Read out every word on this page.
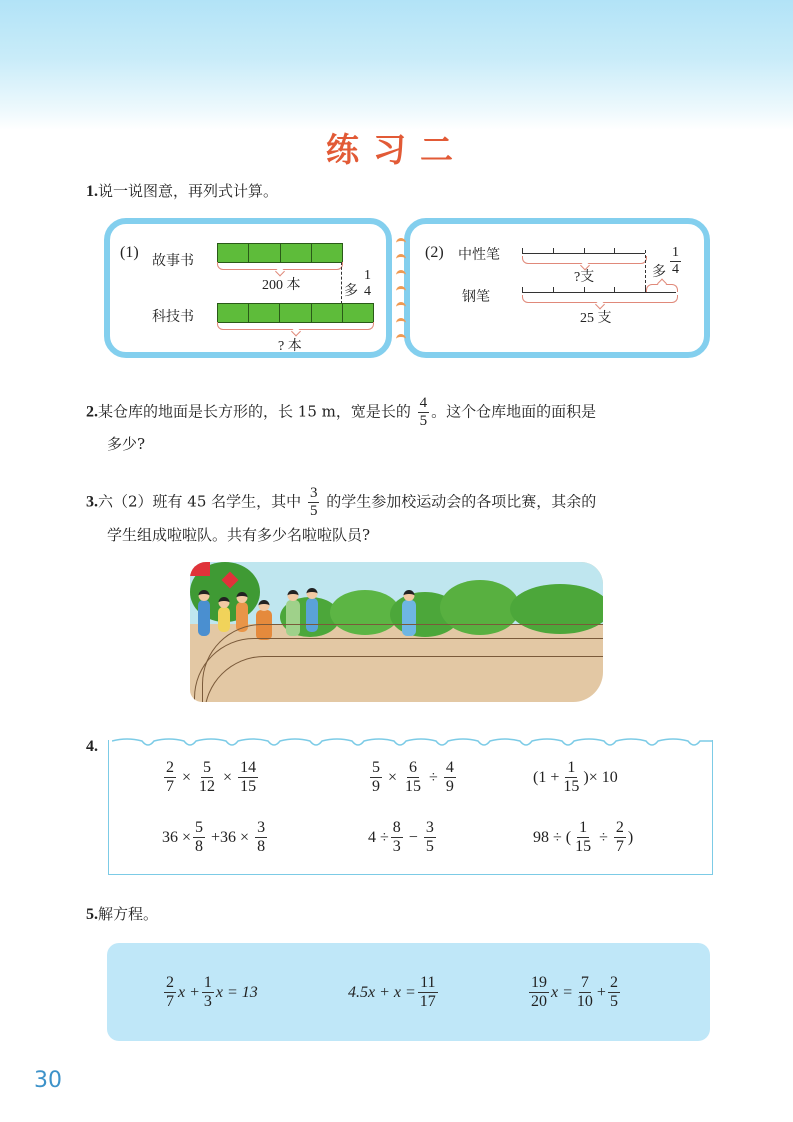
练习二
1.说一说图意，再列式计算。
(1) 故事书
200 本	多
1
4
科技书
? 本
(2) 中性笔
?支	多 $\frac{1}{4}$
钢笔
25 支
2.某仓库的地面是长方形的，长 15 m，宽是长的 $\frac{4}{5}$ 。这个仓库地面的面积是
多少?
3.六（2）班有 45 名学生，其中 $\frac{3}{5}$ 的学生参加校运动会的各项比赛，其余的
学生组成啦啦队。共有多少名啦啦队员?
4.
$\frac{2}{7} \times \frac{5}{12} \times \frac{14}{15}$	$\frac{5}{9} \times \frac{6}{15} \div \frac{4}{9}$	($1 + \frac{1}{15}$ )× 10
$36 \times \frac{5}{8} +36 \times \frac{3}{8}$	$4 \div \frac{8}{3} - \frac{3}{5}$	98 ÷ ( $\frac{1}{15} \div \frac{2}{7}$ )
5.解方程。
$\frac{2}{7}$ $x + \frac{1}{3}$ x = 13	$4.5x + x = \frac{11}{17}$	$\frac{19}{20}$ $x = \frac{7}{10} + \frac{2}{5}$
30
